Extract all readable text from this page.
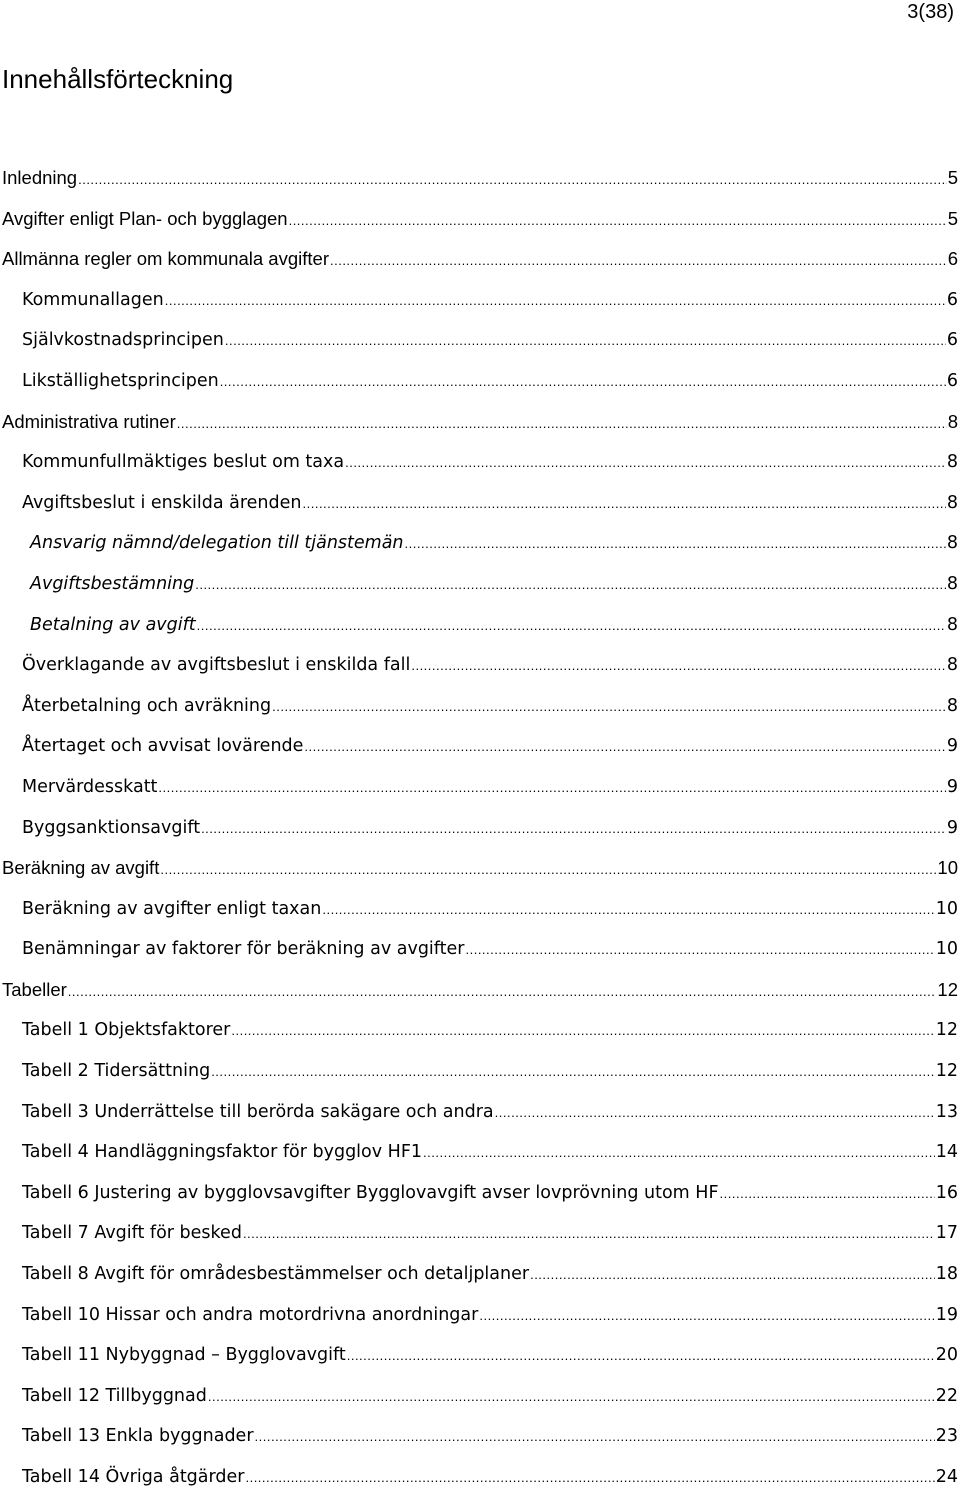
3(38)
Innehållsförteckning
Inledning .....	5
Avgifter enligt Plan- och bygglagen .....	5
Allmänna regler om kommunala avgifter .....	6
Kommunallagen .....	6
Självkostnadsprincipen .....	6
Likställighetsprincipen .....	6
Administrativa rutiner .....	8
Kommunfullmäktiges beslut om taxa .....	8
Avgiftsbeslut i enskilda ärenden .....	8
Ansvarig nämnd/delegation till tjänstemän .....	8
Avgiftsbestämning .....	8
Betalning av avgift .....	8
Överklagande av avgiftsbeslut i enskilda fall .....	8
Återbetalning och avräkning .....	8
Återtaget och avvisat lovärende .....	9
Mervärdesskatt .....	9
Byggsanktionsavgift .....	9
Beräkning av avgift .....	10
Beräkning av avgifter enligt taxan .....	10
Benämningar av faktorer för beräkning av avgifter .....	10
Tabeller .....	12
Tabell 1 Objektsfaktorer .....	12
Tabell 2 Tidersättning .....	12
Tabell 3 Underrättelse till berörda sakägare och andra .....	13
Tabell 4 Handläggningsfaktor för bygglov HF1 .....	14
Tabell 6 Justering av bygglovsavgifter Bygglovavgift avser lovprövning utom HF .....	16
Tabell 7 Avgift för besked .....	17
Tabell 8 Avgift för områdesbestämmelser och detaljplaner .....	18
Tabell 10 Hissar och andra motordrivna anordningar .....	19
Tabell 11 Nybyggnad – Bygglovavgift .....	20
Tabell 12 Tillbyggnad .....	22
Tabell 13 Enkla byggnader .....	23
Tabell 14 Övriga åtgärder .....	24
